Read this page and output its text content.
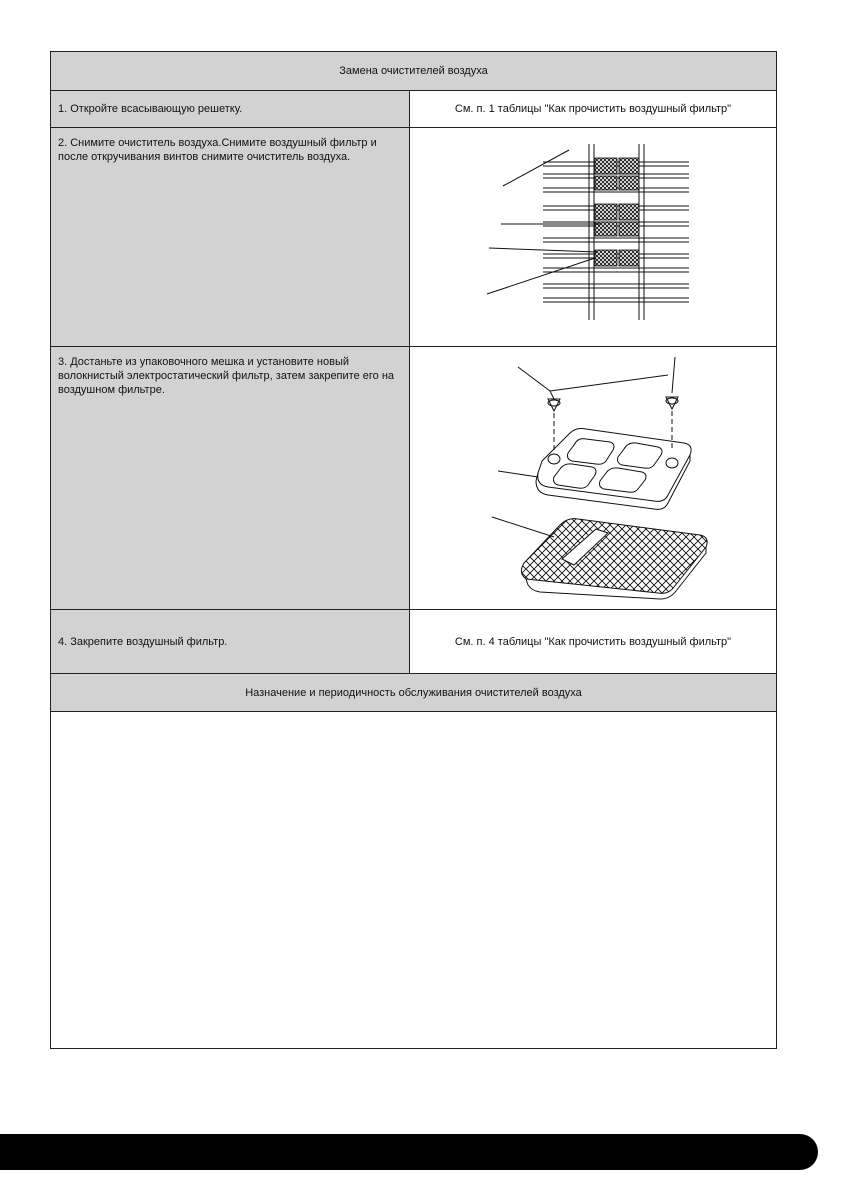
Замена очистителей воздуха
1. Откройте всасывающую решетку.	См. п. 1 таблицы "Как прочистить воздушный фильтр"
2. Снимите очиститель воздуха.Снимите воздушный фильтр и после откручивания винтов снимите очиститель воздуха.
3. Достаньте из упаковочного мешка и установите новый волокнистый электростатический фильтр, затем закрепите его на воздушном фильтре.
4. Закрепите воздушный фильтр.	См. п. 4 таблицы "Как прочистить воздушный фильтр"
Назначение и периодичность обслуживания очистителей воздуха
